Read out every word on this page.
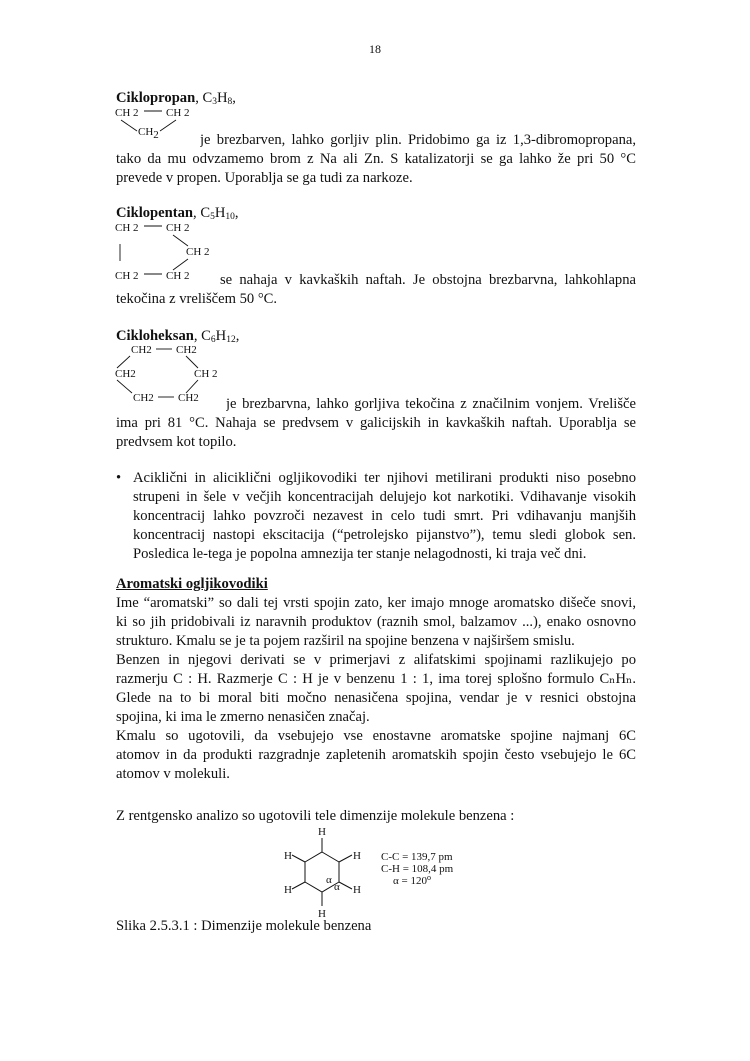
18
Ciklopropan, $C_3H_8$,
CH 2 CH 2
CH2	je brezbarven, lahko gorljiv plin. Pridobimo ga iz 1,3-dibromopropana,
tako da mu odvzamemo brom z Na ali Zn. S katalizatorji se ga lahko že pri 50 °C
prevede v propen. Uporablja se ga tudi za narkoze.
Ciklopentan, $C_5H_{10}$,
CH 2 CH 2
CH 2
CH 2 CH 2 se nahaja v kavkaških naftah. Je obstojna brezbarvna, lahkohlapna
tekočina z vreliščem 50 °C.
Cikloheksan, $C_6H_{12}$,
CH2 CH2
CH2	CH 2
CH2 CH2 je brezbarvna, lahko gorljiva tekočina z značilnim vonjem. Vrelišče
ima pri 81 °C. Nahaja se predvsem v galicijskih in kavkaških naftah. Uporablja se
predvsem kot topilo.
• Aciklični in aliciklični ogljikovodiki ter njihovi metilirani produkti niso posebno
strupeni in šele v večjih koncentracijah delujejo kot narkotiki. Vdihavanje visokih
koncentracij lahko povzroči nezavest in celo tudi smrt. Pri vdihavanju manjših
koncentracij nastopi ekscitacija (“petrolejsko pijanstvo”), temu sledi globok sen.
Posledica le-tega je popolna amnezija ter stanje nelagodnosti, ki traja več dni.
Aromatski ogljikovodiki
Ime “aromatski” so dali tej vrsti spojin zato, ker imajo mnoge aromatsko dišeče snovi,
ki so jih pridobivali iz naravnih produktov (raznih smol, balzamov ...), enako osnovno
strukturo. Kmalu se je ta pojem razširil na spojine benzena v najširšem smislu.
Benzen in njegovi derivati se v primerjavi z alifatskimi spojinami razlikujejo po
razmerju C : H. Razmerje C : H je v benzenu 1 : 1, ima torej splošno formulo CₙHₙ.
Glede na to bi moral biti močno nenasičena spojina, vendar je v resnici obstojna
spojina, ki ima le zmerno nenasičen značaj.
Kmalu so ugotovili, da vsebujejo vse enostavne aromatske spojine najmanj 6C
atomov in da produkti razgradnje zapletenih aromatskih spojin često vsebujejo le 6C
atomov v molekuli.
Z rentgensko analizo so ugotovili tele dimenzije molekule benzena :
H
H	H
H	H
H
α
α
C-C = 139,7 pm
C-H = 108,4 pm
$\alpha = 120^o$
Slika 2.5.3.1 : Dimenzije molekule benzena
